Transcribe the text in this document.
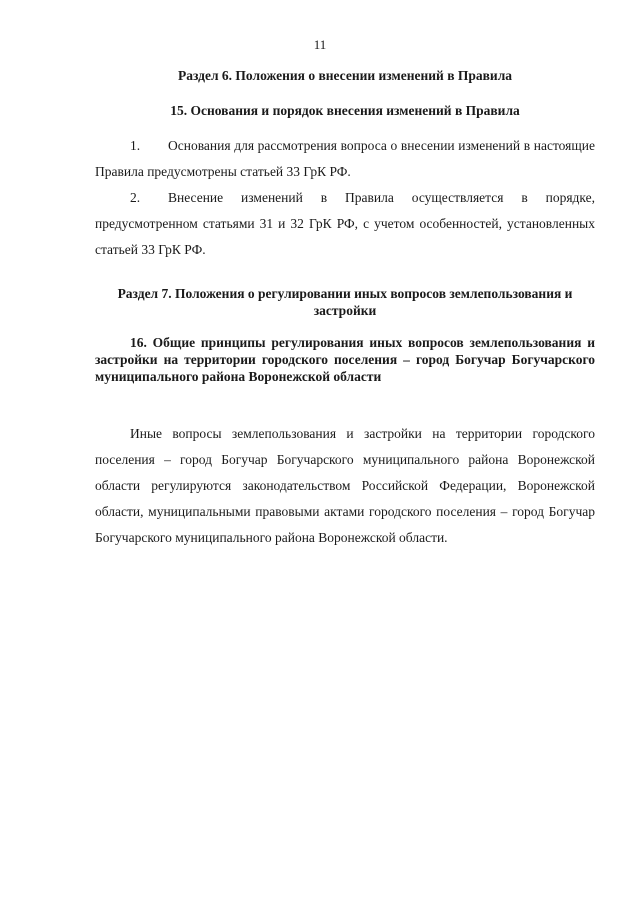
11
Раздел 6. Положения о внесении изменений в Правила
15. Основания и порядок внесения изменений в Правила

1. Основания для рассмотрения вопроса о внесении изменений в настоящие Правила предусмотрены статьей 33 ГрК РФ.

2. Внесение изменений в Правила осуществляется в порядке, предусмотренном статьями 31 и 32 ГрК РФ, с учетом особенностей, установленных статьей 33 ГрК РФ.

Раздел 7. Положения о регулировании иных вопросов землепользования и застройки
16. Общие принципы регулирования иных вопросов землепользования и застройки на территории городского поселения – город Богучар Богучарского муниципального района Воронежской области

Иные вопросы землепользования и застройки на территории городского поселения – город Богучар Богучарского муниципального района Воронежской области регулируются законодательством Российской Федерации, Воронежской области, муниципальными правовыми актами городского поселения – город Богучар Богучарского муниципального района Воронежской области.
